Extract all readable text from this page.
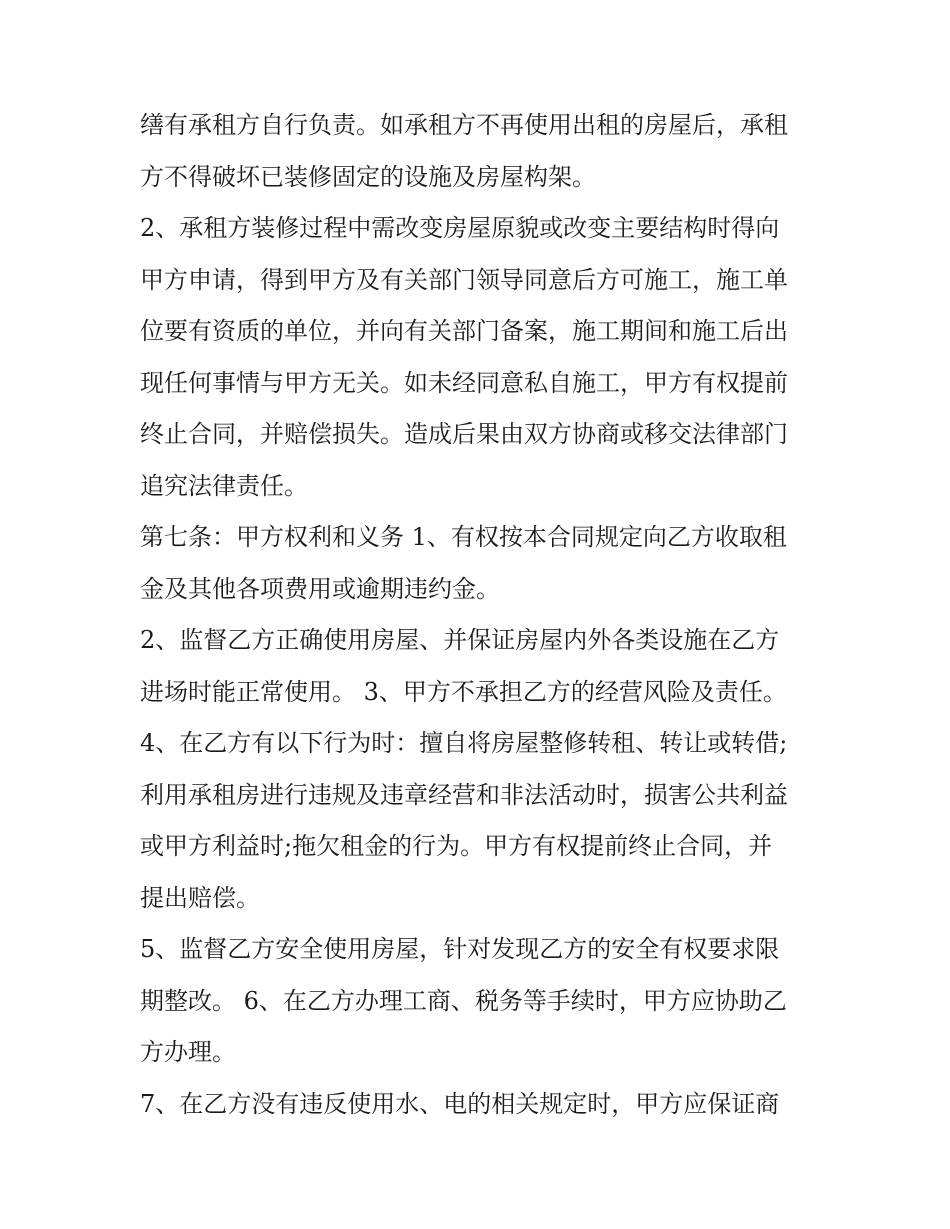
缮有承租方自行负责。如承租方不再使用出租的房屋后，承租
方不得破坏已装修固定的设施及房屋构架。
2、承租方装修过程中需改变房屋原貌或改变主要结构时得向
甲方申请，得到甲方及有关部门领导同意后方可施工，施工单
位要有资质的单位，并向有关部门备案，施工期间和施工后出
现任何事情与甲方无关。如未经同意私自施工，甲方有权提前
终止合同，并赔偿损失。造成后果由双方协商或移交法律部门
追究法律责任。
第七条：甲方权利和义务 1、有权按本合同规定向乙方收取租
金及其他各项费用或逾期违约金。
2、监督乙方正确使用房屋、并保证房屋内外各类设施在乙方
进场时能正常使用。 3、甲方不承担乙方的经营风险及责任。
4、在乙方有以下行为时：擅自将房屋整修转租、转让或转借;
利用承租房进行违规及违章经营和非法活动时，损害公共利益
或甲方利益时;拖欠租金的行为。甲方有权提前终止合同，并
提出赔偿。
5、监督乙方安全使用房屋，针对发现乙方的安全有权要求限
期整改。 6、在乙方办理工商、税务等手续时，甲方应协助乙
方办理。
7、在乙方没有违反使用水、电的相关规定时，甲方应保证商
